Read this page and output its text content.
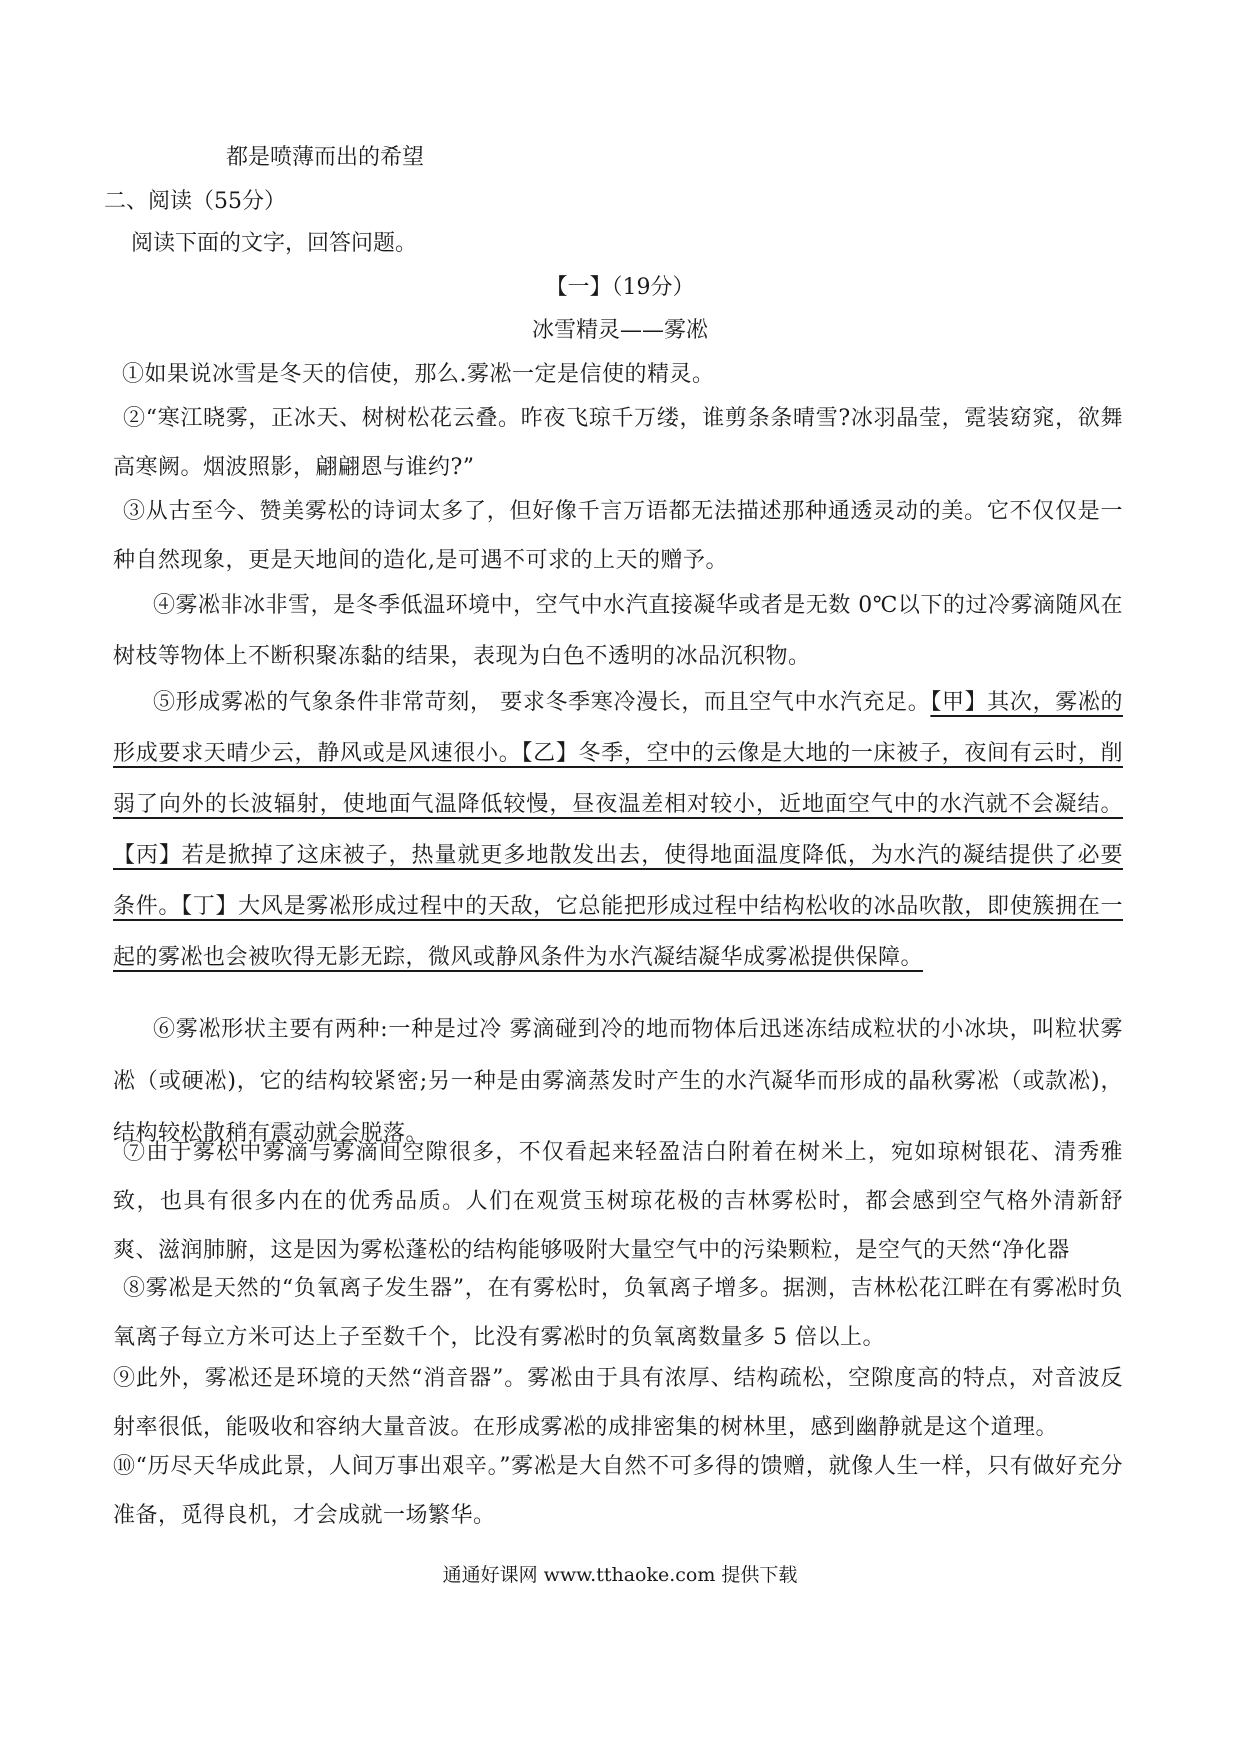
都是喷薄而出的希望
二、阅读（55分）
阅读下面的文字，回答问题。
【一】（19分）
冰雪精灵——雾凇
①如果说冰雪是冬天的信使，那么.雾凇一定是信使的精灵。
②“寒江晓雾，正冰天、树树松花云叠。昨夜飞琼千万缕，谁剪条条晴雪?冰羽晶莹，霓装窈窕，欲舞高寒阙。烟波照影，翩翩恩与谁约?”
③从古至今、赞美雾松的诗词太多了，但好像千言万语都无法描述那种通透灵动的美。它不仅仅是一种自然现象，更是天地间的造化,是可遇不可求的上天的赠予。
④雾凇非冰非雪，是冬季低温环境中，空气中水汽直接凝华或者是无数 0℃以下的过冷雾滴随风在树枝等物体上不断积聚冻黏的结果，表现为白色不透明的冰品沉积物。
⑤形成雾凇的气象条件非常苛刻， 要求冬季寒冷漫长，而且空气中水汽充足。【甲】其次，雾凇的形成要求天晴少云，静风或是风速很小。【乙】冬季，空中的云像是大地的一床被子，夜间有云时，削弱了向外的长波辐射，使地面气温降低较慢，昼夜温差相对较小，近地面空气中的水汽就不会凝结。【丙】若是掀掉了这床被子，热量就更多地散发出去，使得地面温度降低，为水汽的凝结提供了必要条件。【丁】大风是雾凇形成过程中的天敌，它总能把形成过程中结构松收的冰品吹散，即使簇拥在一起的雾凇也会被吹得无影无踪，微风或静风条件为水汽凝结凝华成雾凇提供保障。
⑥雾凇形状主要有两种:一种是过冷 雾滴碰到冷的地而物体后迅迷冻结成粒状的小冰块，叫粒状雾凇（或硬凇)，它的结构较紧密;另一种是由雾滴蒸发时产生的水汽凝华而形成的晶秋雾凇（或款凇)，结构较松散稍有震动就会脱落。
⑦由于雾松中雾滴与雾滴间空隙很多，不仅看起来轻盈洁白附着在树米上，宛如琼树银花、清秀雅致，也具有很多内在的优秀品质。人们在观赏玉树琼花极的吉林雾松时，都会感到空气格外清新舒爽、滋润肺腑，这是因为雾松蓬松的结构能够吸附大量空气中的污染颗粒，是空气的天然“净化器
⑧雾凇是天然的“负氧离子发生器”，在有雾松时，负氧离子增多。据测，吉林松花江畔在有雾凇时负氧离子每立方米可达上子至数千个，比没有雾凇时的负氧离数量多 5 倍以上。
⑨此外，雾凇还是环境的天然“消音器”。雾凇由于具有浓厚、结构疏松，空隙度高的特点，对音波反射率很低，能吸收和容纳大量音波。在形成雾凇的成排密集的树林里，感到幽静就是这个道理。
⑩“历尽天华成此景，人间万事出艰辛。”雾凇是大自然不可多得的馈赠，就像人生一样，只有做好充分准备，觅得良机，才会成就一场繁华。
通通好课网 www.tthaoke.com 提供下载
